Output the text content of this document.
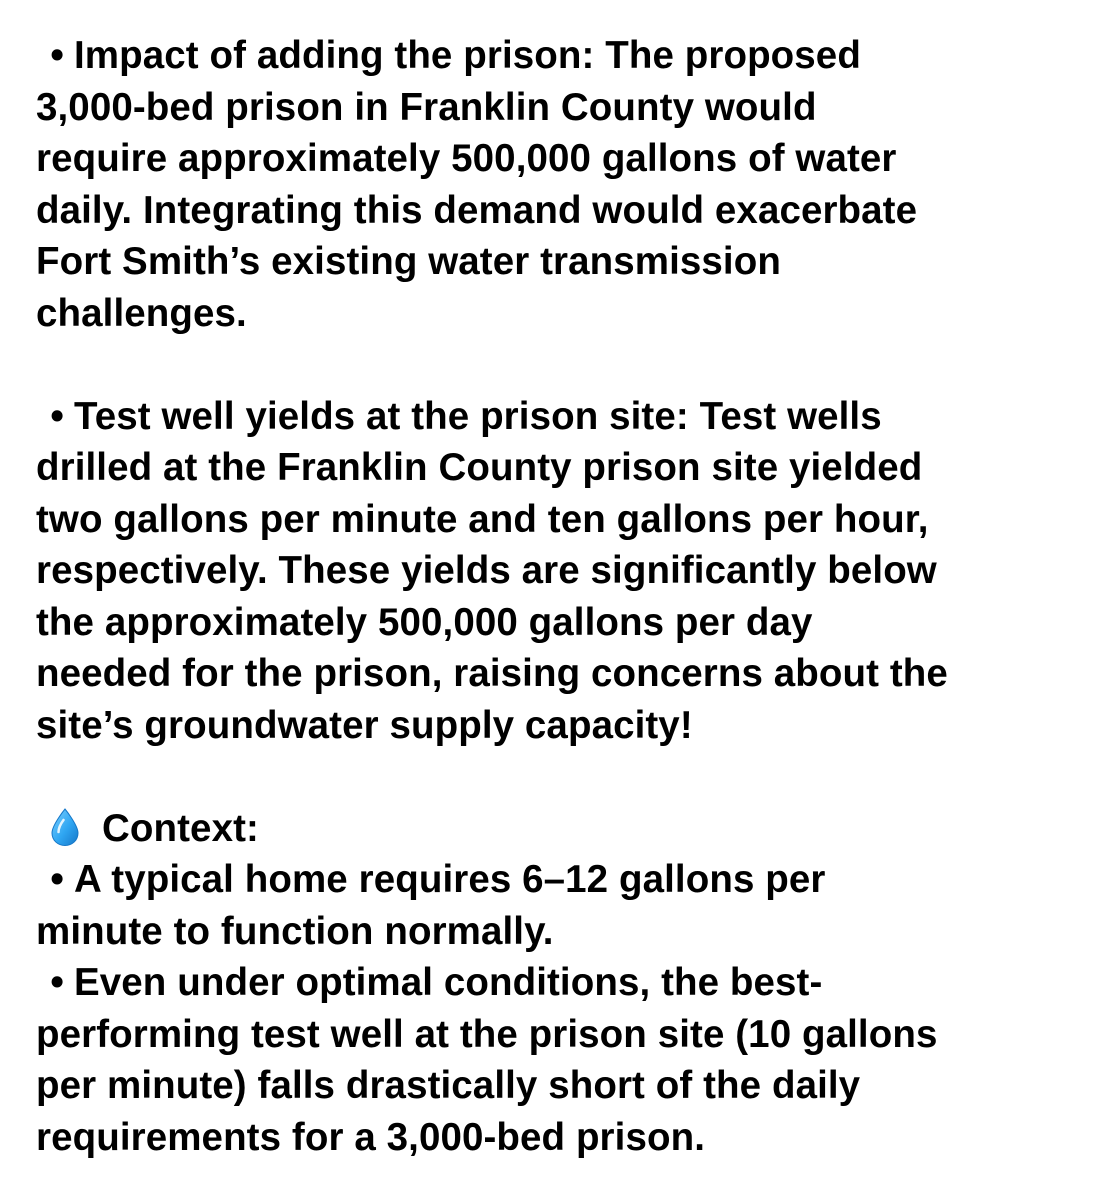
• Impact of adding the prison: The proposed
3,000-bed prison in Franklin County would
require approximately 500,000 gallons of water
daily. Integrating this demand would exacerbate
Fort Smith’s existing water transmission
challenges.
• Test well yields at the prison site: Test wells
drilled at the Franklin County prison site yielded
two gallons per minute and ten gallons per hour,
respectively. These yields are significantly below
the approximately 500,000 gallons per day
needed for the prison, raising concerns about the
site’s groundwater supply capacity!
Context:
• A typical home requires 6–12 gallons per
minute to function normally.
• Even under optimal conditions, the best-
performing test well at the prison site (10 gallons
per minute) falls drastically short of the daily
requirements for a 3,000-bed prison.
